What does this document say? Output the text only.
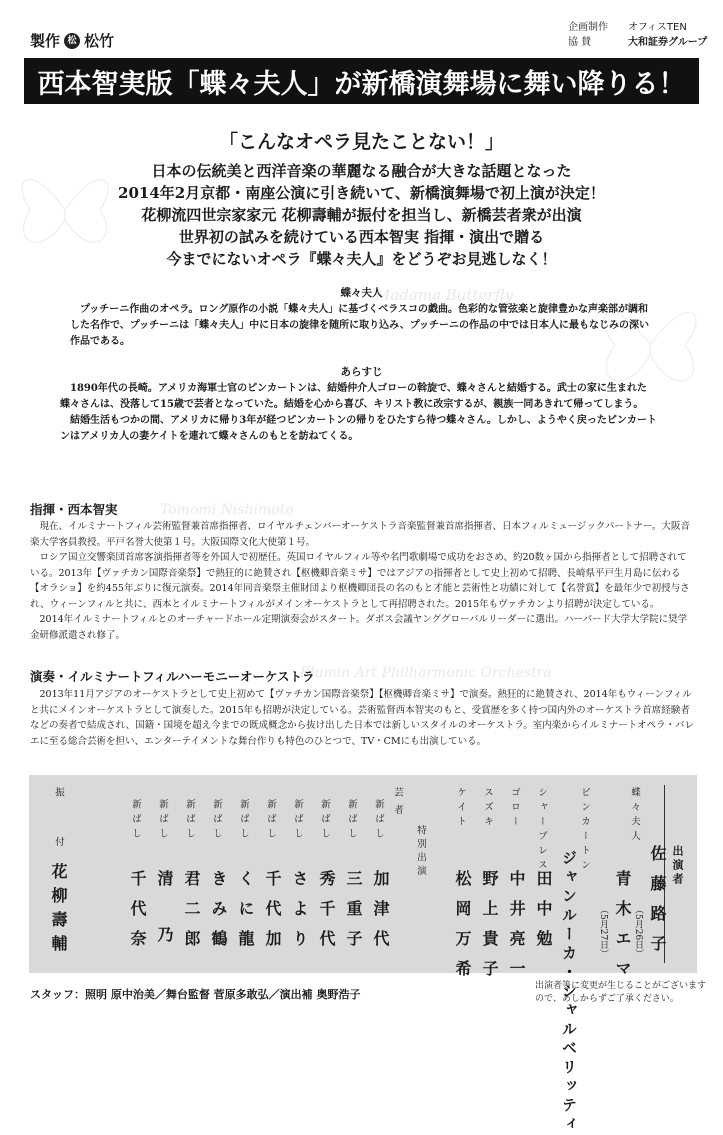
Madama Butterfly
Tomomi Nishimoto
Illumin Art Philharmonic Orchestra
製作 松 松竹
企画制作	オフィスTEN
協 賛	大和証券グループ
西本智実版「蝶々夫人」が新橋演舞場に舞い降りる！
「こんなオペラ見たことない！」
日本の伝統美と西洋音楽の華麗なる融合が大きな話題となった
2014年2月京都・南座公演に引き続いて、新橋演舞場で初上演が決定！
花柳流四世宗家家元 花柳壽輔が振付を担当し、新橋芸者衆が出演
世界初の試みを続けている西本智実 指揮・演出で贈る
今までにないオペラ『蝶々夫人』をどうぞお見逃しなく！
蝶々夫人

プッチーニ作曲のオペラ。ロング原作の小説「蝶々夫人」に基づくベラスコの戯曲。色彩的な管弦楽と旋律豊かな声楽部が調和した名作で、プッチーニは「蝶々夫人」中に日本の旋律を随所に取り込み、プッチーニの作品の中では日本人に最もなじみの深い作品である。

あらすじ

1890年代の長崎。アメリカ海軍士官のピンカートンは、結婚仲介人ゴローの斡旋で、蝶々さんと結婚する。武士の家に生まれた蝶々さんは、没落して15歳で芸者となっていた。結婚を心から喜び、キリスト教に改宗するが、親族一同あきれて帰ってしまう。

結婚生活もつかの間、アメリカに帰り3年が経つピンカートンの帰りをひたすら待つ蝶々さん。しかし、ようやく戻ったピンカートンはアメリカ人の妻ケイトを連れて蝶々さんのもとを訪ねてくる。

指揮・西本智実

現在、イルミナートフィル芸術監督兼首席指揮者、ロイヤルチェンバーオーケストラ音楽監督兼首席指揮者、日本フィルミュージックパートナー。大阪音楽大学客員教授。平戸名誉大使第１号。大阪国際文化大使第１号。

ロシア国立交響楽団首席客演指揮者等を外国人で初歴任。英国ロイヤルフィル等や名門歌劇場で成功をおさめ、約20数ヶ国から指揮者として招聘されている。2013年【ヴァチカン国際音楽祭】で熱狂的に絶賛され【枢機卿音楽ミサ】ではアジアの指揮者として史上初めて招聘、長崎県平戸生月島に伝わる【オラショ】を約455年ぶりに復元演奏。2014年同音楽祭主催財団より枢機卿団長の名のもと才能と芸術性と功績に対して【名誉賞】を最年少で初授与され、ウィーンフィルと共に、西本とイルミナートフィルがメインオーケストラとして再招聘された。2015年もヴァチカンより招聘が決定している。

2014年イルミナートフィルとのオーチャードホール定期演奏会がスタート。ダボス会議ヤンググローバルリーダーに選出。ハーバード大学大学院に奨学金研修派遣され修了。

演奏・イルミナートフィルハーモニーオーケストラ

2013年11月アジアのオーケストラとして史上初めて【ヴァチカン国際音楽祭】【枢機卿音楽ミサ】で演奏。熱狂的に絶賛され、2014年もウィーンフィルと共にメインオーケストラとして演奏した。2015年も招聘が決定している。芸術監督西本智実のもと、受賞歴を多く持つ国内外のオーケストラ首席経験者などの奏者で結成され、国籍・国境を超え今までの既成概念から抜け出した日本では新しいスタイルのオーケストラ。室内楽からイルミナートオペラ・バレエに至る総合芸術を担い、エンターテイメントな舞台作りも特色のひとつで、TV・CMにも出演している。

出演者
蝶々夫人
佐藤路子
（5月26日）
青木エマ
（5月27日）
ピンカートン
ジャンルーカ・シャルベリッティ
シャープレス
田中勉
ゴロー
中井亮一
スズキ
野上貴子
ケイト
松岡万希
特別出演
芸者
新ばし
加津代
新ばし
三重子
新ばし
秀千代
新ばし
さより
新ばし
千代加
新ばし
くに龍
新ばし
きみ鶴
新ばし
君二郎
新ばし
清乃
新ばし
千代奈
振付
花柳壽輔
スタッフ：照明 原中治美／舞台監督 菅原多敢弘／演出補 奥野浩子
出演者等に変更が生じることがございますので、あしからずご了承ください。
